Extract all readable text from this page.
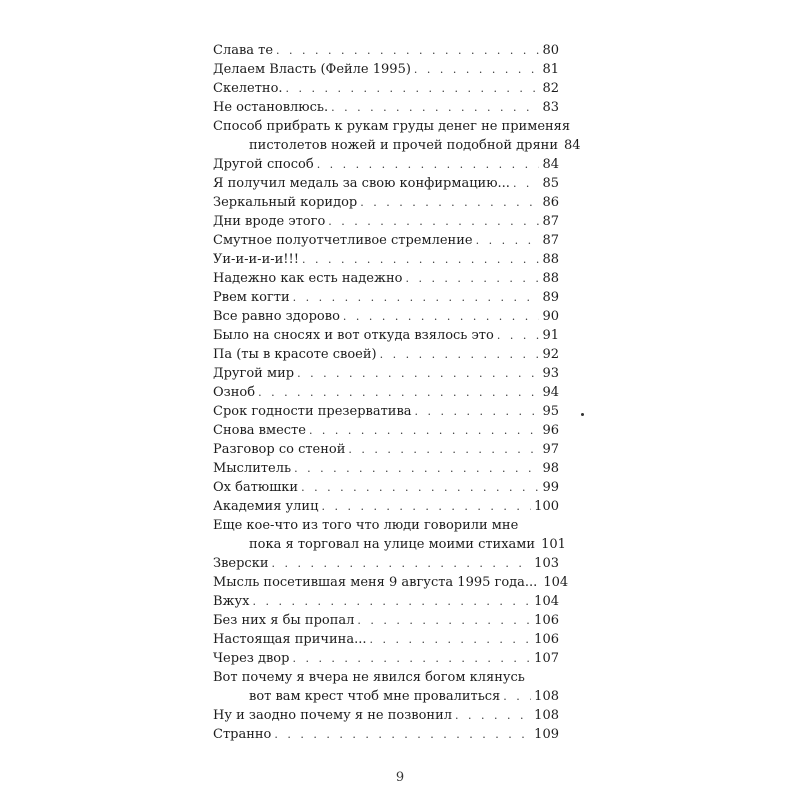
Слава те . . .	80
Делаем Власть (Фейле 1995) . . .	81
Скелетно. . . .	82
Не остановлюсь. . . .	83
Способ прибрать к рукам груды денег не применяя
пистолетов ножей и прочей подобной дряни 84
Другой способ . . .	84
Я получил медаль за свою конфирмацию... . . .	85
Зеркальный коридор . . .	86
Дни вроде этого . . .	87
Смутное полуотчетливое стремление . . .	87
Уи-и-и-и-и!!! . . .	88
Надежно как есть надежно . . .	88
Рвем когти . . .	89
Все равно здорово . . .	90
Было на сносях и вот откуда взялось это . . .	91
Па (ты в красоте своей) . . .	92
Другой мир . . .	93
Озноб . . .	94
Срок годности презерватива . . .	95
Снова вместе . . .	96
Разговор со стеной . . .	97
Мыслитель . . .	98
Ох батюшки . . .	99
Академия улиц . . .	100
Еще кое-что из того что люди говорили мне
пока я торговал на улице моими стихами 101
Зверски . . .	103
Мысль посетившая меня 9 августа 1995 года... 104
Вжух . . .	104
Без них я бы пропал . . .	106
Настоящая причина... . . .	106
Через двор . . .	107
Вот почему я вчера не явился богом клянусь
вот вам крест чтоб мне провалиться . . .	108
Ну и заодно почему я не позвонил . . .	108
Странно . . .	109
9
